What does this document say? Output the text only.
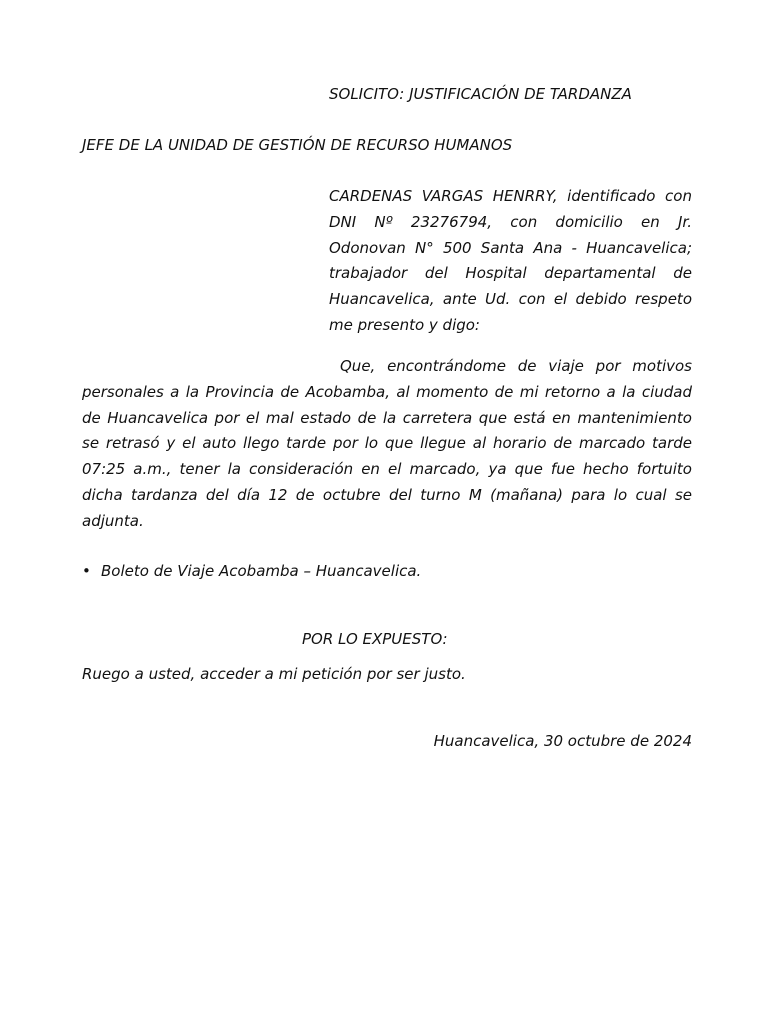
SOLICITO: JUSTIFICACIÓN DE TARDANZA
JEFE DE LA UNIDAD DE GESTIÓN DE RECURSO HUMANOS

CARDENAS VARGAS HENRRY, identificado con DNI Nº 23276794, con domicilio en Jr. Odonovan N° 500 Santa Ana - Huancavelica; trabajador del Hospital departamental de Huancavelica, ante Ud. con el debido respeto me presento y digo:

Que, encontrándome de viaje por motivos personales a la Provincia de Acobamba, al momento de mi retorno a la ciudad de Huancavelica por el mal estado de la carretera que está en mantenimiento se retrasó y el auto llego tarde por lo que llegue al horario de marcado tarde 07:25 a.m., tener la consideración en el marcado, ya que fue hecho fortuito dicha tardanza del día 12 de octubre del turno M (mañana) para lo cual se adjunta.

• Boleto de Viaje Acobamba – Huancavelica.
POR LO EXPUESTO:
Ruego a usted, acceder a mi petición por ser justo.
Huancavelica, 30 octubre de 2024
